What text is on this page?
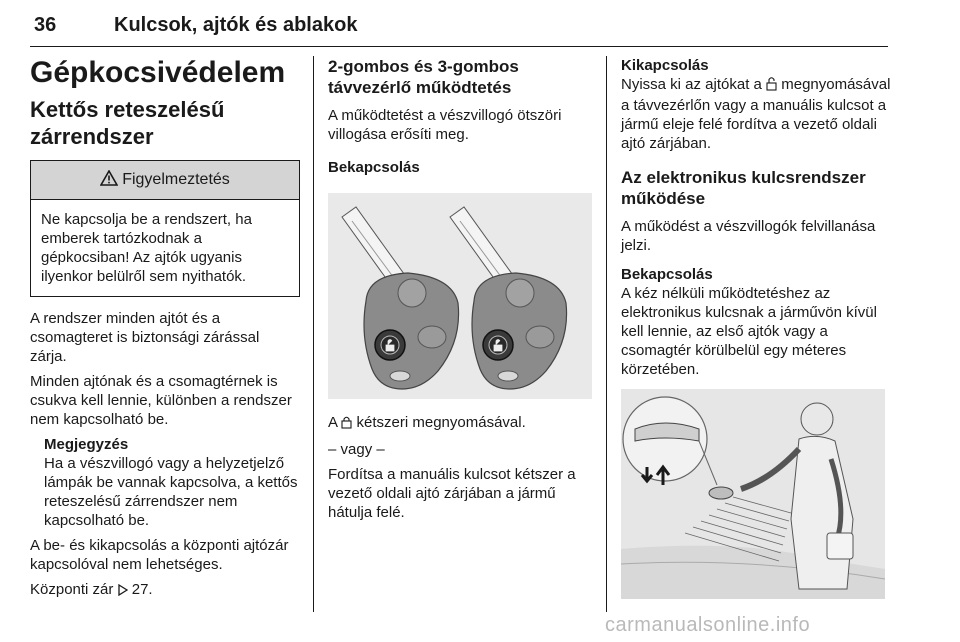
36	Kulcsok, ajtók és ablakok
Gépkocsivédelem
Kettős reteszelésű zárrendszer
Figyelmeztetés
Ne kapcsolja be a rendszert, ha emberek tartózkodnak a gépkocsiban! Az ajtók ugyanis ilyenkor belülről sem nyithatók.

A rendszer minden ajtót és a csomagteret is biztonsági zárással zárja.

Minden ajtónak és a csomagtérnek is csukva kell lennie, különben a rendszer nem kapcsolható be.

Megjegyzés

Ha a vészvillogó vagy a helyzetjelző lámpák be vannak kapcsolva, a kettős reteszelésű zárrendszer nem kapcsolható be.

A be- és kikapcsolás a központi ajtózár kapcsolóval nem lehetséges.

Központi zár 27.

2-gombos és 3-gombos távvezérlő működtetés

A működtetést a vészvillogó ötszöri villogása erősíti meg.

Bekapcsolás

A kétszeri megnyomásával.

– vagy –

Fordítsa a manuális kulcsot kétszer a vezető oldali ajtó zárjában a jármű hátulja felé.

Kikapcsolás

Nyissa ki az ajtókat a megnyomásával a távvezérlőn vagy a manuális kulcsot a jármű eleje felé fordítva a vezető oldali ajtó zárjában.

Az elektronikus kulcsrendszer működése

A működést a vészvillogók felvillanása jelzi.

Bekapcsolás

A kéz nélküli működtetéshez az elektronikus kulcsnak a járművön kívül kell lennie, az első ajtók vagy a csomagtér körülbelül egy méteres körzetében.

carmanualsonline.info
